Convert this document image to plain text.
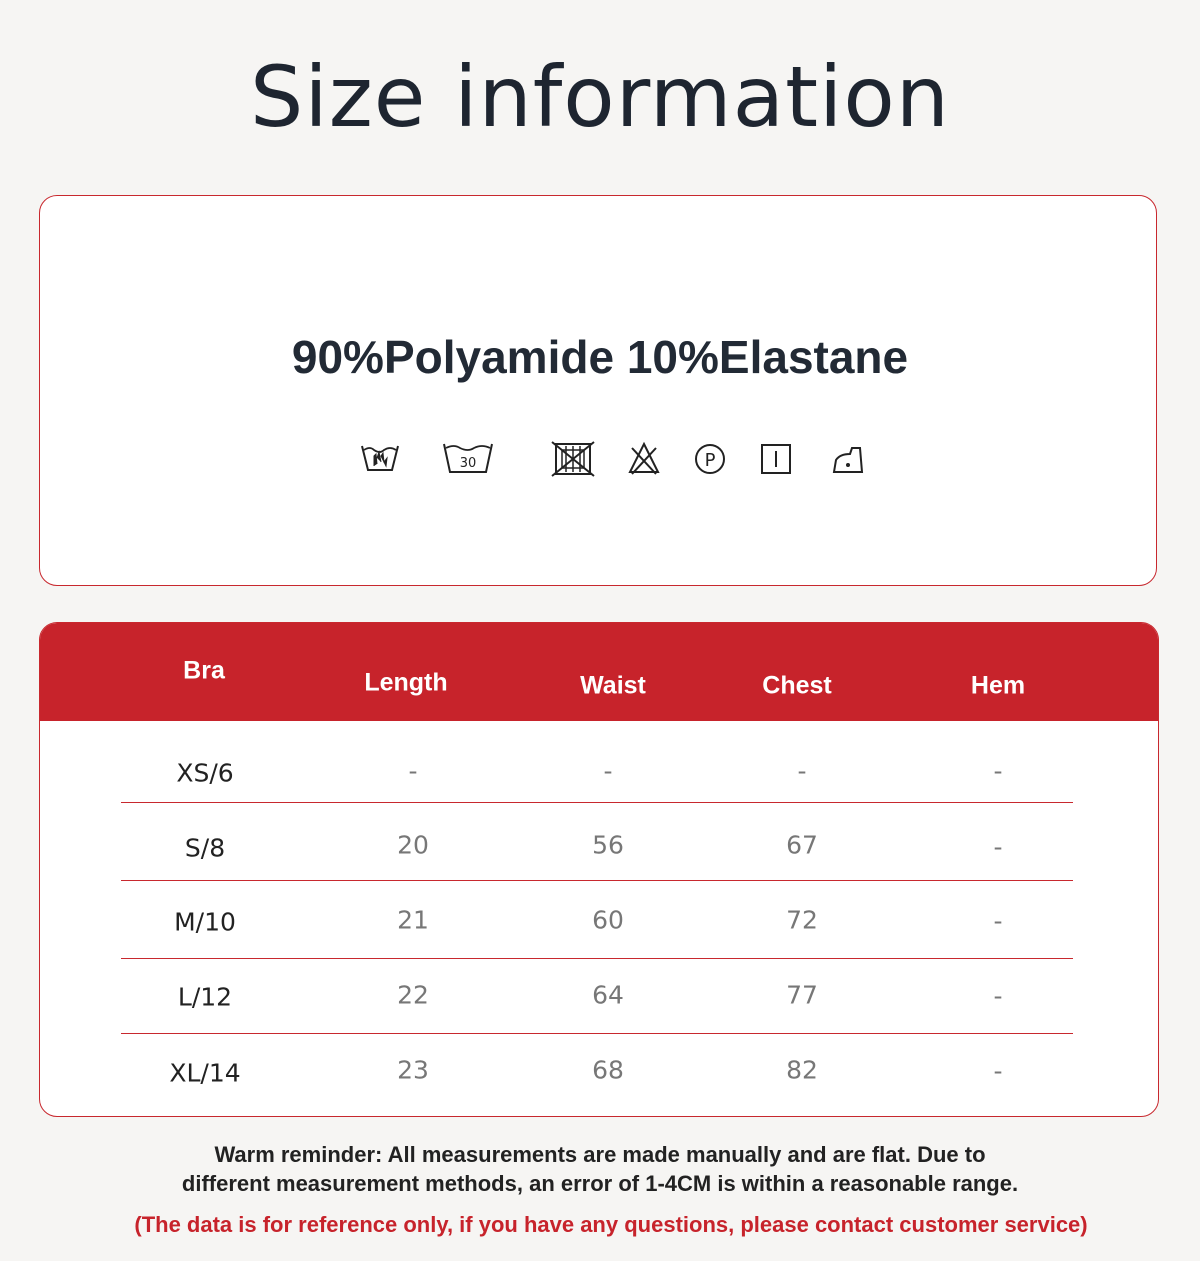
Size information
90%Polyamide 10%Elastane
30	P
Bra	Length	Waist	Chest	Hem
XS/6	-	-	-	-
S/8	20	56	67	-
M/10	21	60	72	-
L/12	22	64	77	-
XL/14	23	68	82	-
Warm reminder: All measurements are made manually and are flat. Due to
different measurement methods, an error of 1-4CM is within a reasonable range.
(The data is for reference only, if you have any questions, please contact customer service)
